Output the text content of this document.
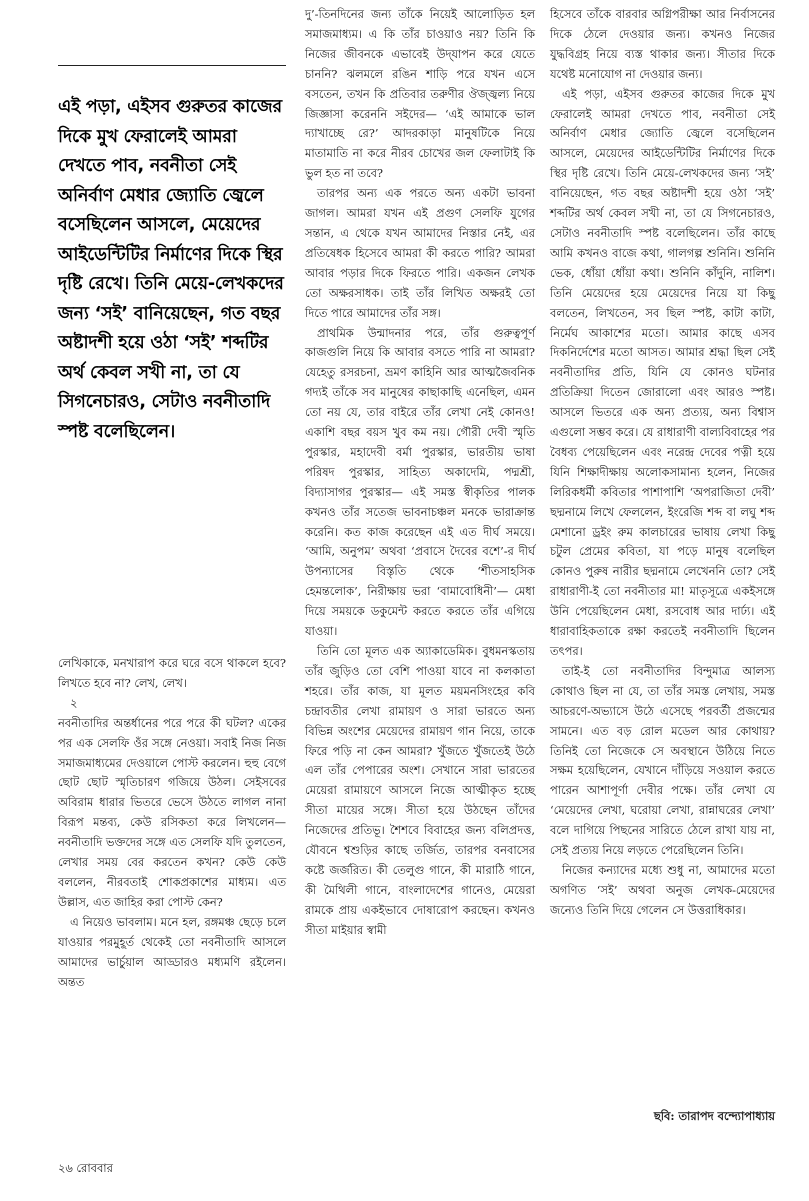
এই পড়া, এইসব গুরুতর কাজের দিকে মুখ ফেরালেই আমরা দেখতে পাব, নবনীতা সেই অনির্বাণ মেধার জ্যোতি জ্বেলে বসেছিলেন আসলে, মেয়েদের আইডেন্টিটির নির্মাণের দিকে স্থির দৃষ্টি রেখে। তিনি মেয়ে-লেখকদের জন্য ‘সই’ বানিয়েছেন, গত বছর অষ্টাদশী হয়ে ওঠা ‘সই’ শব্দটির অর্থ কেবল সখী না, তা যে সিগনেচারও, সেটাও নবনীতাদি স্পষ্ট বলেছিলেন।

লেখিকাকে, মনখারাপ করে ঘরে বসে থাকলে হবে? লিখতে হবে না? লেখ, লেখ।

২

নবনীতাদির অন্তর্ধানের পরে পরে কী ঘটল? একের পর এক সেলফি ওঁর সঙ্গে নেওয়া। সবাই নিজ নিজ সমাজমাধ্যমের দেওয়ালে পোস্ট করলেন। হুহু বেগে ছোট ছোট স্মৃতিচারণ গজিয়ে উঠল। সেইসবের অবিরাম ধারার ভিতরে ভেসে উঠতে লাগল নানা বিরূপ মন্তব্য, কেউ রসিকতা করে লিখলেন— নবনীতাদি ভক্তদের সঙ্গে এত সেলফি যদি তুলতেন, লেখার সময় বের করতেন কখন? কেউ কেউ বললেন, নীরবতাই শোকপ্রকাশের মাধ্যম। এত উল্লাস, এত জাহির করা পোস্ট কেন?

এ নিয়েও ভাবলাম। মনে হল, রঙ্গমঞ্চ ছেড়ে চলে যাওয়ার পরমুহূর্ত থেকেই তো নবনীতাদি আসলে আমাদের ভার্চুয়াল আড্ডারও মধ্যমণি রইলেন। অন্তত

দু’-তিনদিনের জন্য তাঁকে নিয়েই আলোড়িত হল সমাজমাধ্যম। এ কি তাঁর চাওয়াও নয়? তিনি কি নিজের জীবনকে এভাবেই উদ্‌যাপন করে যেতে চাননি? ঝলমলে রঙিন শাড়ি পরে যখন এসে বসতেন, তখন কি প্রতিবার তরুণীর ঔজ্জ্বল্য নিয়ে জিজ্ঞাসা করেননি সইদের— ‘এই আমাকে ভাল দ্যাখাচ্ছে রে?’ আদরকাড়া মানুষটিকে নিয়ে মাতামাতি না করে নীরব চোখের জল ফেলাটাই কি ভুল হত না তবে?

তারপর অন্য এক পরতে অন্য একটা ভাবনা জাগল। আমরা যখন এই প্রগুণ সেলফি যুগের সন্তান, এ থেকে যখন আমাদের নিস্তার নেই, এর প্রতিষেধক হিসেবে আমরা কী করতে পারি? আমরা আবার পড়ার দিকে ফিরতে পারি। একজন লেখক তো অক্ষরসাধক। তাই তাঁর লিখিত অক্ষরই তো দিতে পারে আমাদের তাঁর সঙ্গ।

প্রাথমিক উন্মাদনার পরে, তাঁর গুরুত্বপূর্ণ কাজগুলি নিয়ে কি আবার বসতে পারি না আমরা? যেহেতু রসরচনা, ভ্রমণ কাহিনি আর আত্মজৈবনিক গদ্যই তাঁকে সব মানুষের কাছাকাছি এনেছিল, এমন তো নয় যে, তার বাইরে তাঁর লেখা নেই কোনও! একাশি বছর বয়স খুব কম নয়। গৌরী দেবী স্মৃতি পুরস্কার, মহাদেবী বর্মা পুরস্কার, ভারতীয় ভাষা পরিষদ পুরস্কার, সাহিত্য অকাদেমি, পদ্মশ্রী, বিদ্যাসাগর পুরস্কার— এই সমস্ত স্বীকৃতির পালক কখনও তাঁর সতেজ ভাবনাচঞ্চল মনকে ভারাক্রান্ত করেনি। কত কাজ করেছেন এই এত দীর্ঘ সময়ে। ‘আমি, অনুপম’ অথবা ‘প্রবাসে দৈবের বশে’-র দীর্ঘ উপন্যাসের বিস্তৃতি থেকে ‘শীতসাহসিক হেমন্তলোক’, নিরীক্ষায় ভরা ‘বামাবোধিনী’— মেধা দিয়ে সময়কে ডকুমেন্ট করতে করতে তাঁর এগিয়ে যাওয়া।

তিনি তো মূলত এক অ্যাকাডেমিক। বুধমনস্কতায় তাঁর জুড়িও তো বেশি পাওয়া যাবে না কলকাতা শহরে। তাঁর কাজ, যা মূলত ময়মনসিংহের কবি চন্দ্রাবতীর লেখা রামায়ণ ও সারা ভারতে অন্য বিভিন্ন অংশের মেয়েদের রামায়ণ গান নিয়ে, তাকে ফিরে পড়ি না কেন আমরা? খুঁজতে খুঁজতেই উঠে এল তাঁর পেপারের অংশ। সেখানে সারা ভারতের মেয়েরা রামায়ণে আসলে নিজে আত্মীকৃত হচ্ছে সীতা মায়ের সঙ্গে। সীতা হয়ে উঠছেন তাঁদের নিজেদের প্রতিভূ। শৈশবে বিবাহের জন্য বলিপ্রদত্ত, যৌবনে শ্বশুড়ির কাছে তর্জিত, তারপর বনবাসের কষ্টে জর্জরিত। কী তেলুগু গানে, কী মারাঠি গানে, কী মৈথিলী গানে, বাংলাদেশের গানেও, মেয়েরা রামকে প্রায় একইভাবে দোষারোপ করছেন। কখনও সীতা মাইয়ার স্বামী

হিসেবে তাঁকে বারবার অগ্নিপরীক্ষা আর নির্বাসনের দিকে ঠেলে দেওয়ার জন্য। কখনও নিজের যুদ্ধবিগ্রহ নিয়ে ব্যস্ত থাকার জন্য। সীতার দিকে যথেষ্ট মনোযোগ না দেওয়ার জন্য।

এই পড়া, এইসব গুরুতর কাজের দিকে মুখ ফেরালেই আমরা দেখতে পাব, নবনীতা সেই অনির্বাণ মেধার জ্যোতি জ্বেলে বসেছিলেন আসলে, মেয়েদের আইডেন্টিটির নির্মাণের দিকে স্থির দৃষ্টি রেখে। তিনি মেয়ে-লেখকদের জন্য ‘সই’ বানিয়েছেন, গত বছর অষ্টাদশী হয়ে ওঠা ‘সই’ শব্দটির অর্থ কেবল সখী না, তা যে সিগনেচারও, সেটাও নবনীতাদি স্পষ্ট বলেছিলেন। তাঁর কাছে আমি কখনও বাজে কথা, গালগল্প শুনিনি। শুনিনি ভেক, ধোঁয়া ধোঁয়া কথা। শুনিনি কাঁদুনি, নালিশ। তিনি মেয়েদের হয়ে মেয়েদের নিয়ে যা কিছু বলতেন, লিখতেন, সব ছিল স্পষ্ট, কাটা কাটা, নির্মেঘ আকাশের মতো। আমার কাছে এসব দিকনির্দেশের মতো আসত। আমার শ্রদ্ধা ছিল সেই নবনীতাদির প্রতি, যিনি যে কোনও ঘটনার প্রতিক্রিয়া দিতেন জোরালো এবং আরও স্পষ্ট। আসলে ভিতরে এক অন্য প্রত্যয়, অন্য বিশ্বাস এগুলো সম্ভব করে। যে রাধারাণী বাল্যবিবাহের পর বৈধব্য পেয়েছিলেন এবং নরেন্দ্র দেবের পত্নী হয়ে যিনি শিক্ষাদীক্ষায় অলোকসামান্য হলেন, নিজের লিরিকধর্মী কবিতার পাশাপাশি ‘অপরাজিতা দেবী’ ছদ্মনামে লিখে ফেললেন, ইংরেজি শব্দ বা লঘু শব্দ মেশানো ড্রইং রুম কালচারের ভাষায় লেখা কিছু চটুল প্রেমের কবিতা, যা পড়ে মানুষ বলেছিল কোনও পুরুষ নারীর ছদ্মনামে লেখেননি তো? সেই রাধারাণী-ই তো নবনীতার মা! মাতৃসূত্রে একইসঙ্গে উনি পেয়েছিলেন মেধা, রসবোধ আর দার্ঢ্য। এই ধারাবাহিকতাকে রক্ষা করতেই নবনীতাদি ছিলেন তৎপর।

তাই-ই তো নবনীতাদির বিন্দুমাত্র আলস্য কোথাও ছিল না যে, তা তাঁর সমস্ত লেখায়, সমস্ত আচরণে-অভ্যাসে উঠে এসেছে পরবর্তী প্রজন্মের সামনে। এত বড় রোল মডেল আর কোথায়? তিনিই তো নিজেকে সে অবস্থানে উঠিয়ে নিতে সক্ষম হয়েছিলেন, যেখানে দাঁড়িয়ে সওয়াল করতে পারেন আশাপূর্ণা দেবীর পক্ষে। তাঁর লেখা যে ‘মেয়েদের লেখা, ঘরোয়া লেখা, রান্নাঘরের লেখা’ বলে দাগিয়ে পিছনের সারিতে ঠেলে রাখা যায় না, সেই প্রত্যয় নিয়ে লড়তে পেরেছিলেন তিনি।

নিজের কন্যাদের মধ্যে শুধু না, আমাদের মতো অগণিত ‘সই’ অথবা অনুজ লেখক-মেয়েদের জন্যেও তিনি দিয়ে গেলেন সে উত্তরাধিকার।

ছবি: তারাপদ বন্দ্যোপাধ্যায়
২৬ রোববার
